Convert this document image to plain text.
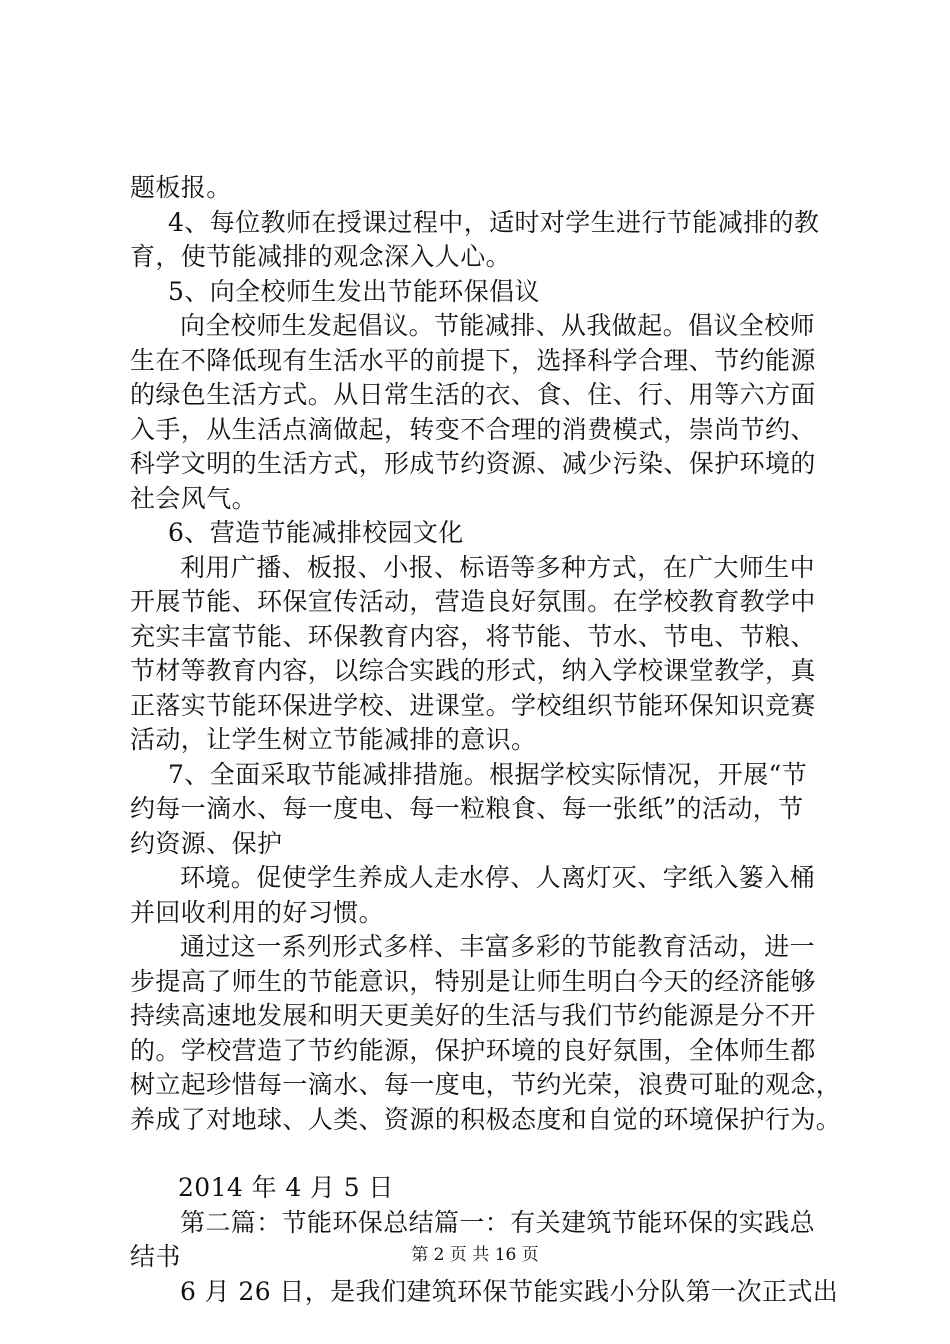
题板报。
4、每位教师在授课过程中，适时对学生进行节能减排的教
育，使节能减排的观念深入人心。
5、向全校师生发出节能环保倡议
向全校师生发起倡议。节能减排、从我做起。倡议全校师
生在不降低现有生活水平的前提下，选择科学合理、节约能源
的绿色生活方式。从日常生活的衣、食、住、行、用等六方面
入手，从生活点滴做起，转变不合理的消费模式，崇尚节约、
科学文明的生活方式，形成节约资源、减少污染、保护环境的
社会风气。
6、营造节能减排校园文化
利用广播、板报、小报、标语等多种方式，在广大师生中
开展节能、环保宣传活动，营造良好氛围。在学校教育教学中
充实丰富节能、环保教育内容，将节能、节水、节电、节粮、
节材等教育内容，以综合实践的形式，纳入学校课堂教学，真
正落实节能环保进学校、进课堂。学校组织节能环保知识竞赛
活动，让学生树立节能减排的意识。
7、全面采取节能减排措施。根据学校实际情况，开展“节
约每一滴水、每一度电、每一粒粮食、每一张纸”的活动，节
约资源、保护
环境。促使学生养成人走水停、人离灯灭、字纸入篓入桶
并回收利用的好习惯。
通过这一系列形式多样、丰富多彩的节能教育活动，进一
步提高了师生的节能意识，特别是让师生明白今天的经济能够
持续高速地发展和明天更美好的生活与我们节约能源是分不开
的。学校营造了节约能源，保护环境的良好氛围，全体师生都
树立起珍惜每一滴水、每一度电，节约光荣，浪费可耻的观念，
养成了对地球、人类、资源的积极态度和自觉的环境保护行为。
2014 年 4 月 5 日
第二篇：节能环保总结篇一：有关建筑节能环保的实践总
结书
6 月 26 日，是我们建筑环保节能实践小分队第一次正式出
第 2 页 共 16 页
